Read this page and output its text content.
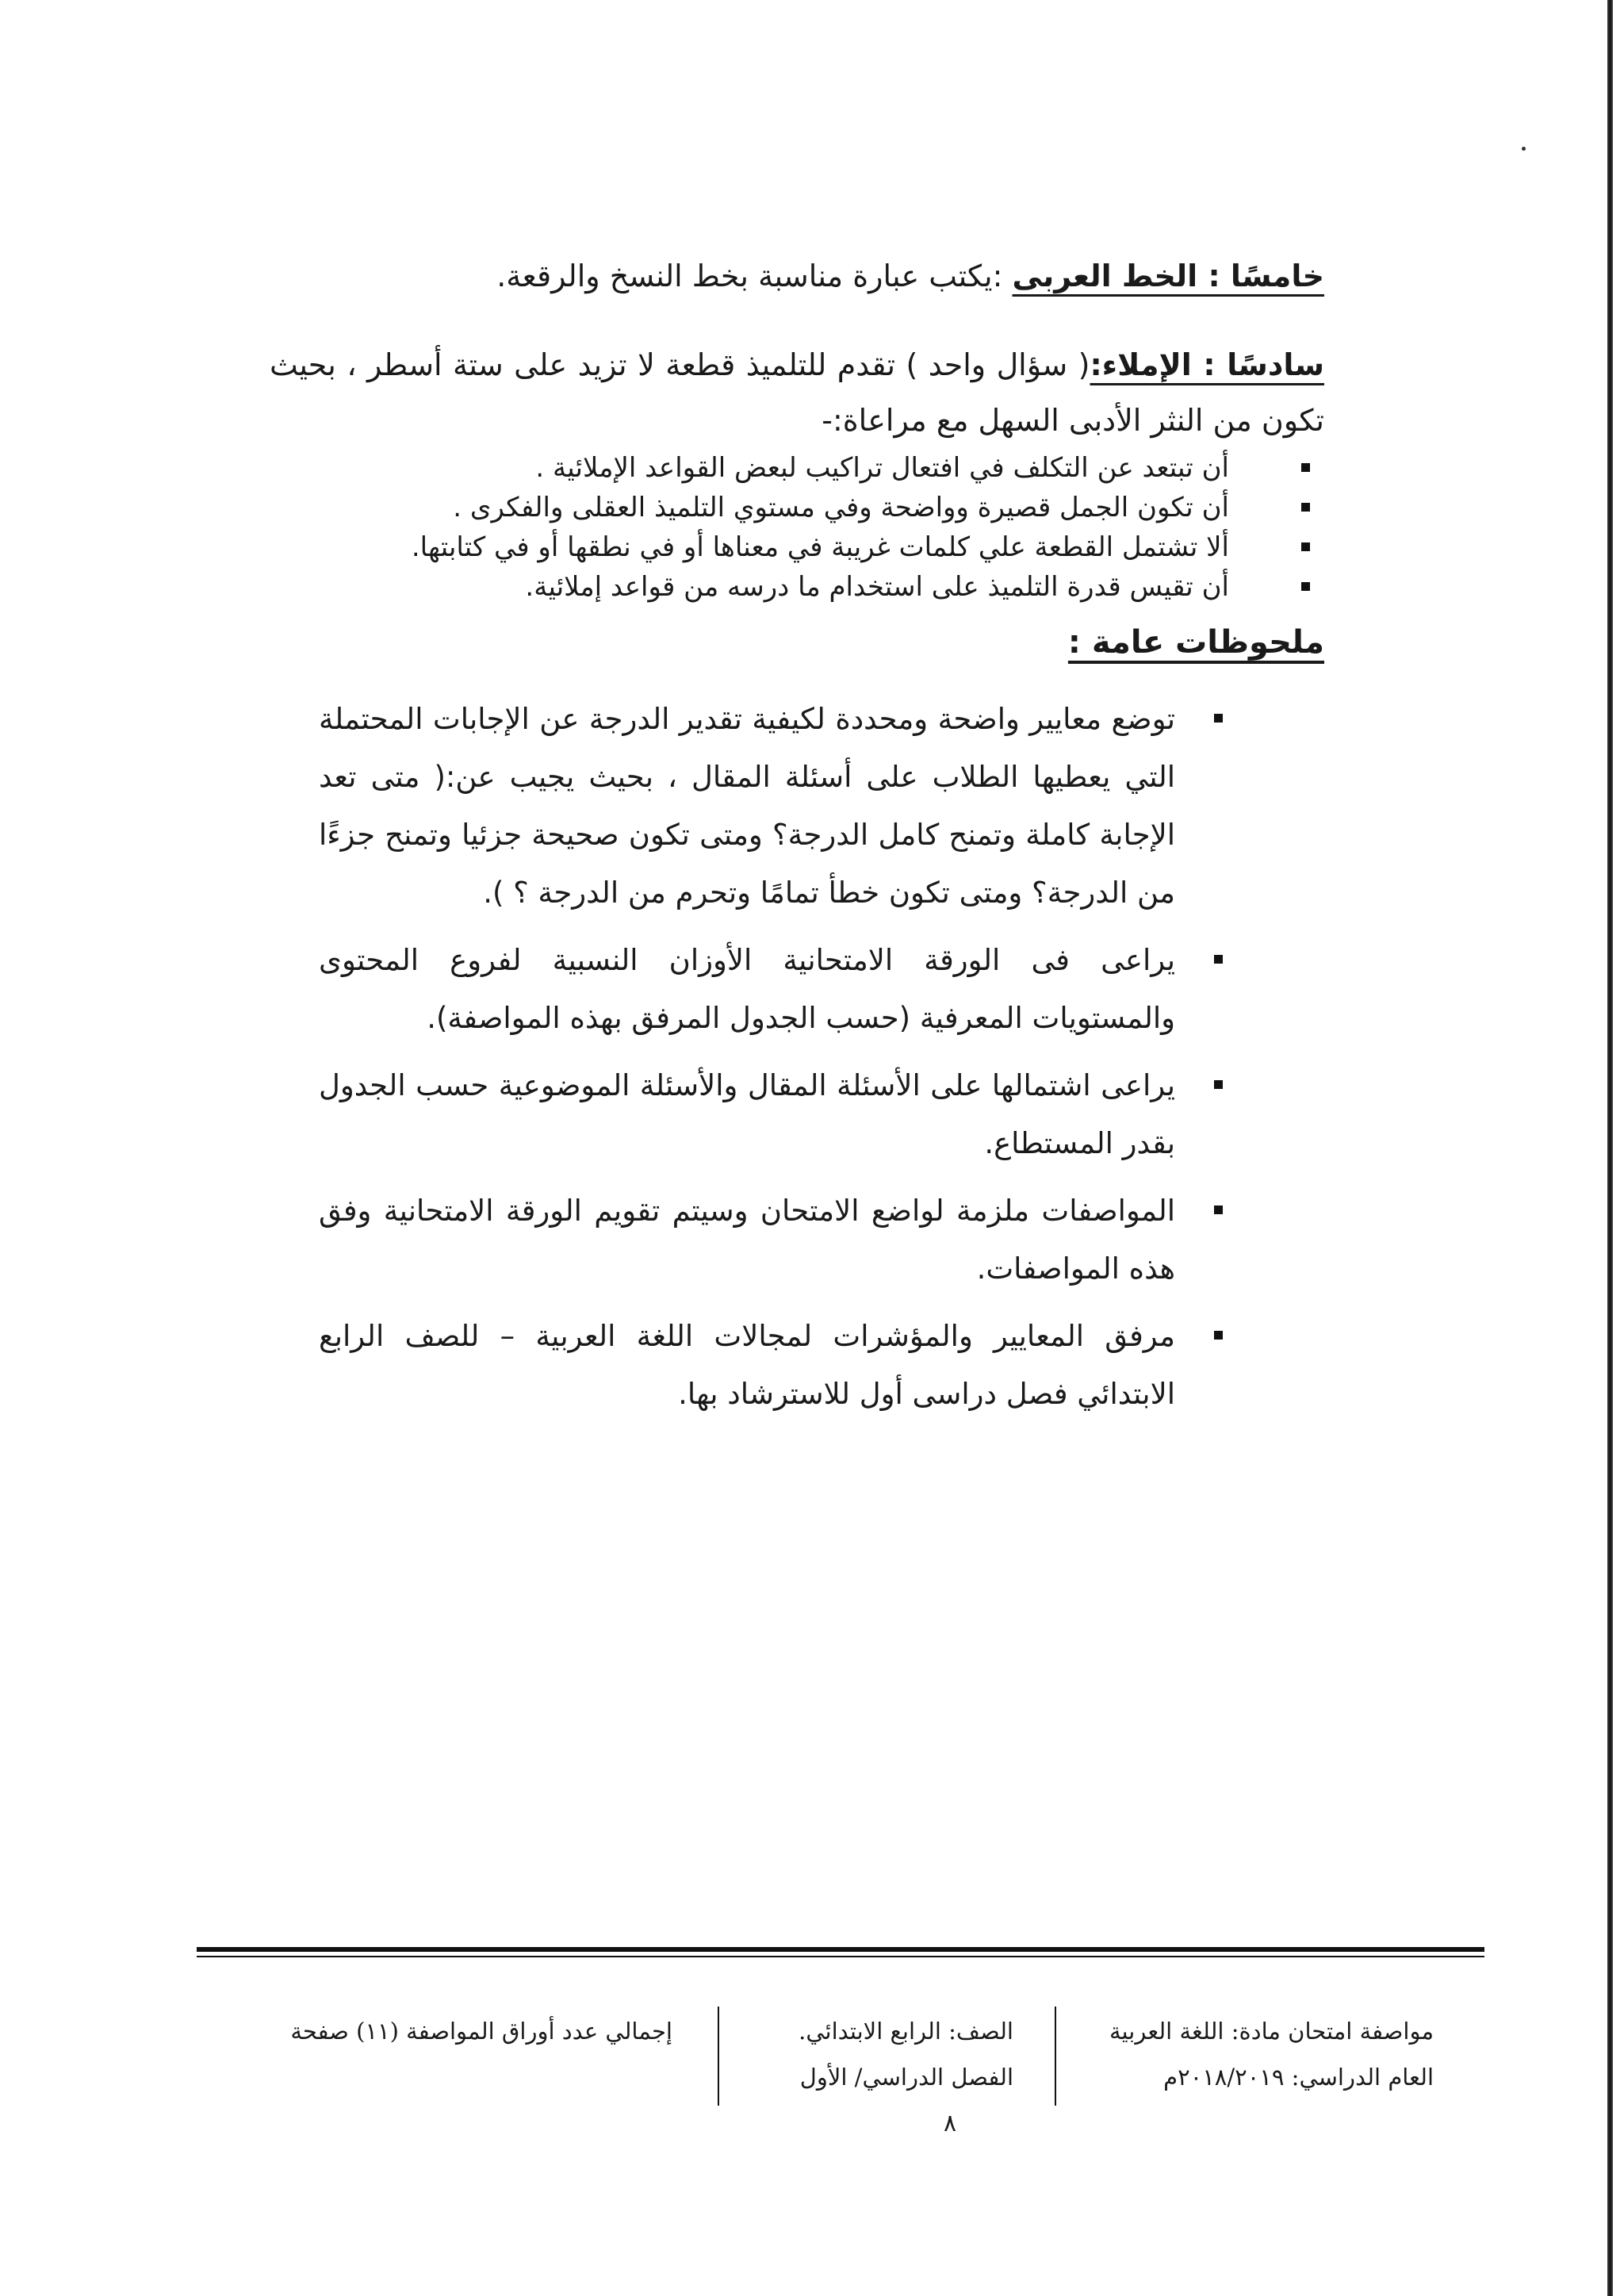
خامسًا : الخط العربى :يكتب عبارة مناسبة بخط النسخ والرقعة.
سادسًا : الإملاء:( سؤال واحد ) تقدم للتلميذ قطعة لا تزيد على ستة أسطر ، بحيث تكون من النثر الأدبى السهل مع مراعاة:-
أن تبتعد عن التكلف في افتعال تراكيب لبعض القواعد الإملائية .
أن تكون الجمل قصيرة وواضحة وفي مستوي التلميذ العقلى والفكرى .
ألا تشتمل القطعة علي كلمات غريبة في معناها أو في نطقها أو في كتابتها.
أن تقيس قدرة التلميذ على استخدام ما درسه من قواعد إملائية.
ملحوظات عامة :
توضع معايير واضحة ومحددة لكيفية تقدير الدرجة عن الإجابات المحتملة التي يعطيها الطلاب على أسئلة المقال ، بحيث يجيب عن:( متى تعد الإجابة كاملة وتمنح كامل الدرجة؟ ومتى تكون صحيحة جزئيا وتمنح جزءًا من الدرجة؟ ومتى تكون خطأ تمامًا وتحرم من الدرجة ؟ ).
يراعى فى الورقة الامتحانية الأوزان النسبية لفروع المحتوى والمستويات المعرفية (حسب الجدول المرفق بهذه المواصفة).
يراعى اشتمالها على الأسئلة المقال والأسئلة الموضوعية حسب الجدول بقدر المستطاع.
المواصفات ملزمة لواضع الامتحان وسيتم تقويم الورقة الامتحانية وفق هذه المواصفات.
مرفق المعايير والمؤشرات لمجالات اللغة العربية – للصف الرابع الابتدائي فصل دراسى أول للاسترشاد بها.
مواصفة امتحان مادة: اللغة العربية
العام الدراسي: ٢٠١٨/٢٠١٩م
الصف: الرابع الابتدائي.
الفصل الدراسي/ الأول
إجمالي عدد أوراق المواصفة (١١) صفحة
٨
